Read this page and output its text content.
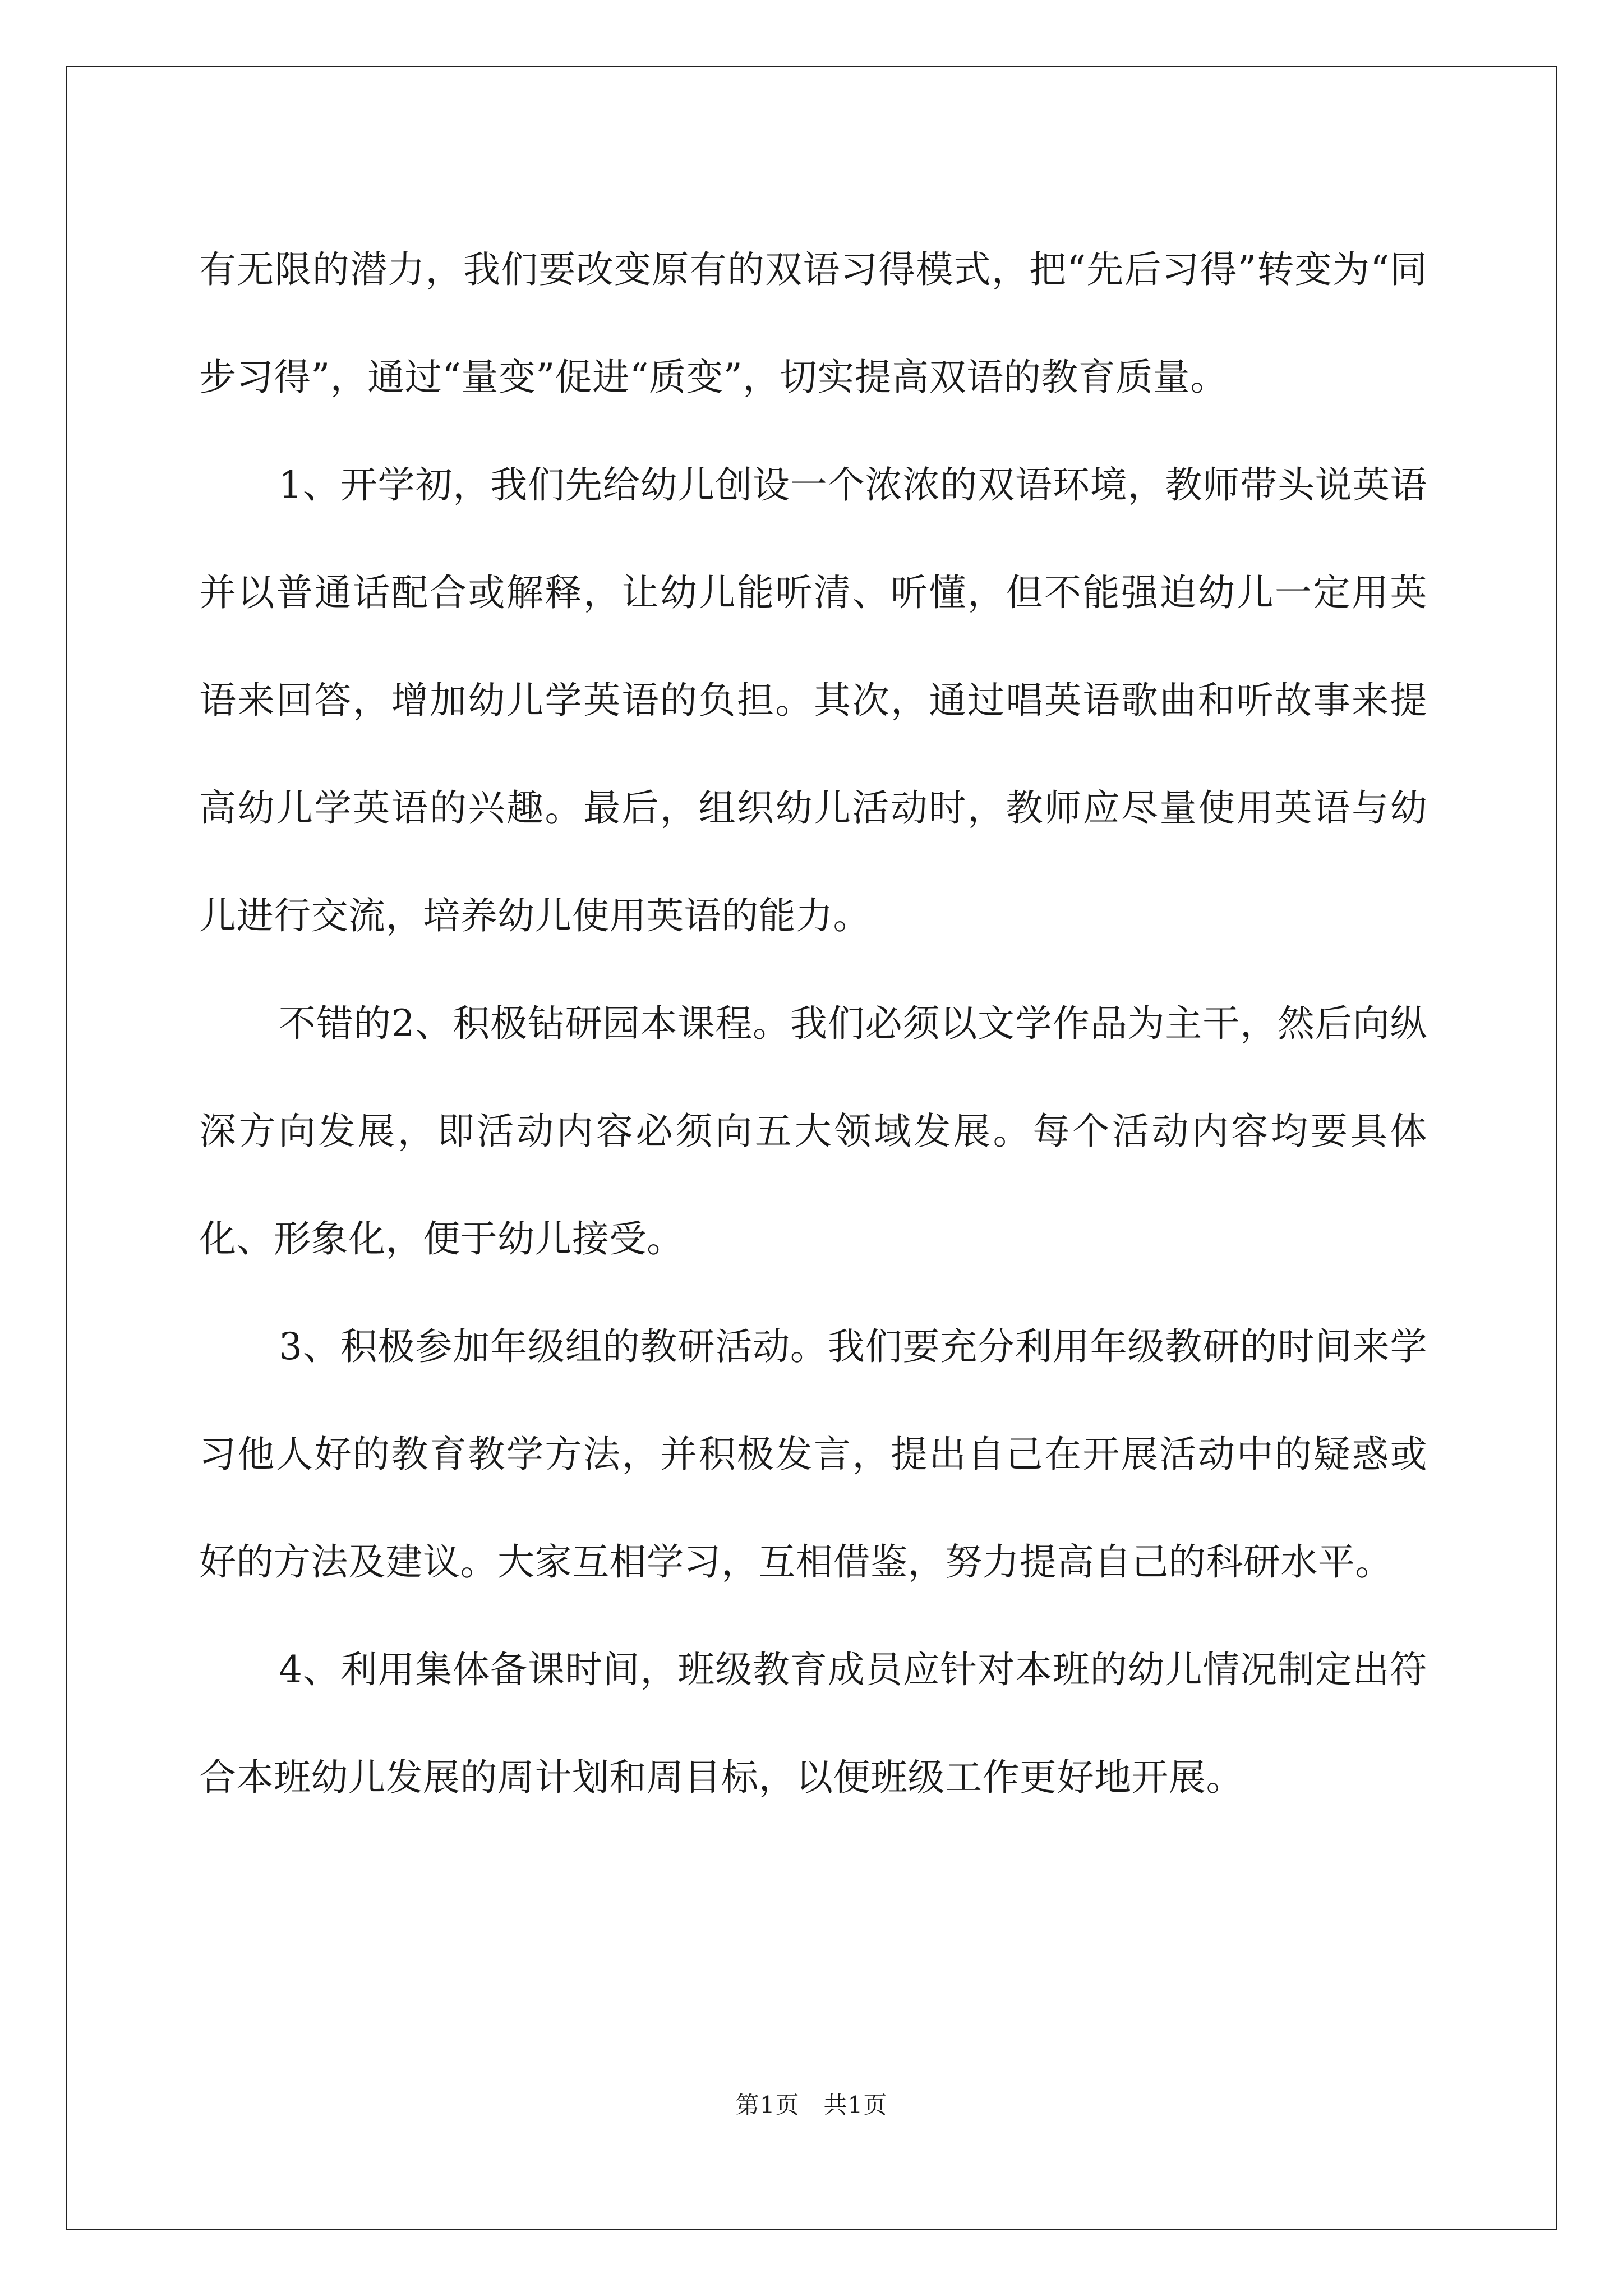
有无限的潜力，我们要改变原有的双语习得模式，把“先后习得”转变为“同步习得”，通过“量变”促进“质变”，切实提高双语的教育质量。

1、开学初，我们先给幼儿创设一个浓浓的双语环境，教师带头说英语并以普通话配合或解释，让幼儿能听清、听懂，但不能强迫幼儿一定用英语来回答，增加幼儿学英语的负担。其次，通过唱英语歌曲和听故事来提高幼儿学英语的兴趣。最后，组织幼儿活动时，教师应尽量使用英语与幼儿进行交流，培养幼儿使用英语的能力。

不错的2、积极钻研园本课程。我们必须以文学作品为主干，然后向纵深方向发展，即活动内容必须向五大领域发展。每个活动内容均要具体化、形象化，便于幼儿接受。

3、积极参加年级组的教研活动。我们要充分利用年级教研的时间来学习他人好的教育教学方法，并积极发言，提出自己在开展活动中的疑惑或好的方法及建议。大家互相学习，互相借鉴，努力提高自己的科研水平。

4、利用集体备课时间，班级教育成员应针对本班的幼儿情况制定出符合本班幼儿发展的周计划和周目标，以便班级工作更好地开展。

第1页　共1页
